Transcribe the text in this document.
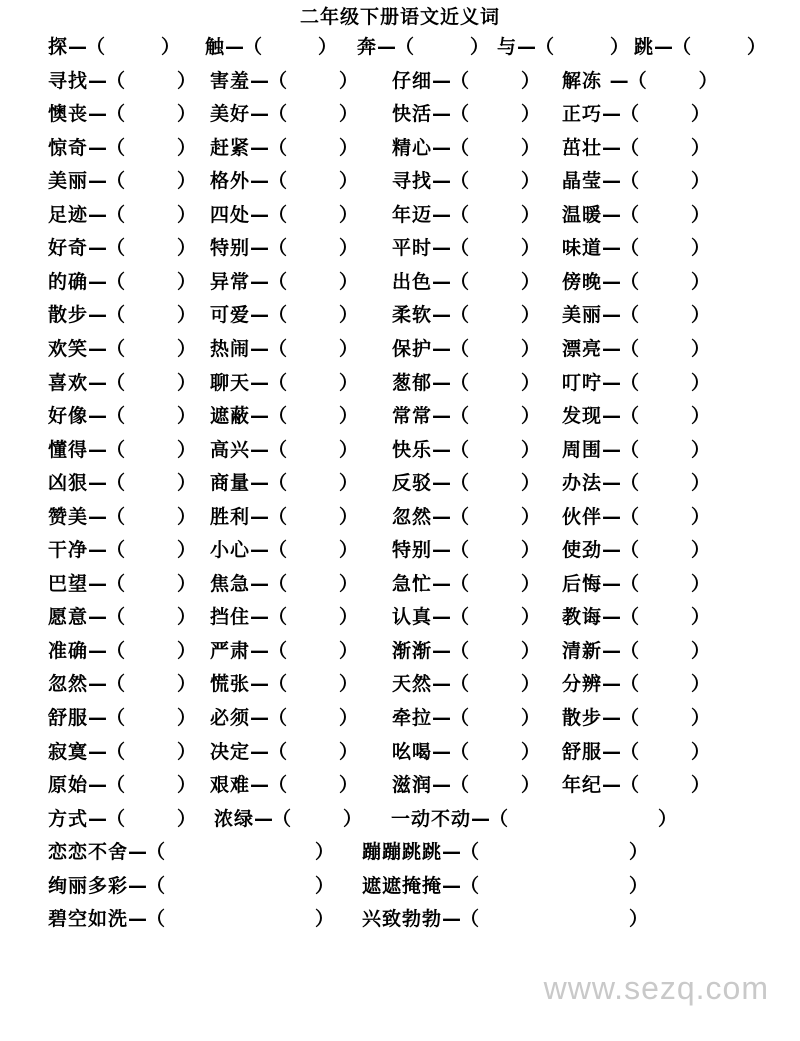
二年级下册语文近义词
探—（	） 触—（	） 奔—（	） 与—（	） 跳—（	）
寻找—（	） 害羞—（	） 仔细—（	） 解冻 —（	）
懊丧—（	） 美好—（	） 快活—（	） 正巧—（	）
惊奇—（	） 赶紧—（	） 精心—（	） 茁壮—（	）
美丽—（	） 格外—（	） 寻找—（	） 晶莹—（	）
足迹—（	） 四处—（	） 年迈—（	） 温暖—（	）
好奇—（	） 特别—（	） 平时—（	） 味道—（	）
的确—（	） 异常—（	） 出色—（	） 傍晚—（	）
散步—（	） 可爱—（	） 柔软—（	） 美丽—（	）
欢笑—（	） 热闹—（	） 保护—（	） 漂亮—（	）
喜欢—（	） 聊天—（	） 葱郁—（	） 叮咛—（	）
好像—（	） 遮蔽—（	） 常常—（	） 发现—（	）
懂得—（	） 高兴—（	） 快乐—（	） 周围—（	）
凶狠—（	） 商量—（	） 反驳—（	） 办法—（	）
赞美—（	） 胜利—（	） 忽然—（	） 伙伴—（	）
干净—（	） 小心—（	） 特别—（	） 使劲—（	）
巴望—（	） 焦急—（	） 急忙—（	） 后悔—（	）
愿意—（	） 挡住—（	） 认真—（	） 教诲—（	）
准确—（	） 严肃—（	） 渐渐—（	） 清新—（	）
忽然—（	） 慌张—（	） 天然—（	） 分辨—（	）
舒服—（	） 必须—（	） 牵拉—（	） 散步—（	）
寂寞—（	） 决定—（	） 吆喝—（	） 舒服—（	）
原始—（	） 艰难—（	） 滋润—（	） 年纪—（	）
方式—（	） 浓绿—（	） 一动不动—（	）
恋恋不舍—（	） 蹦蹦跳跳—（	）
绚丽多彩—（	） 遮遮掩掩—（	）
碧空如洗—（	） 兴致勃勃—（	）
www.sezq.com
